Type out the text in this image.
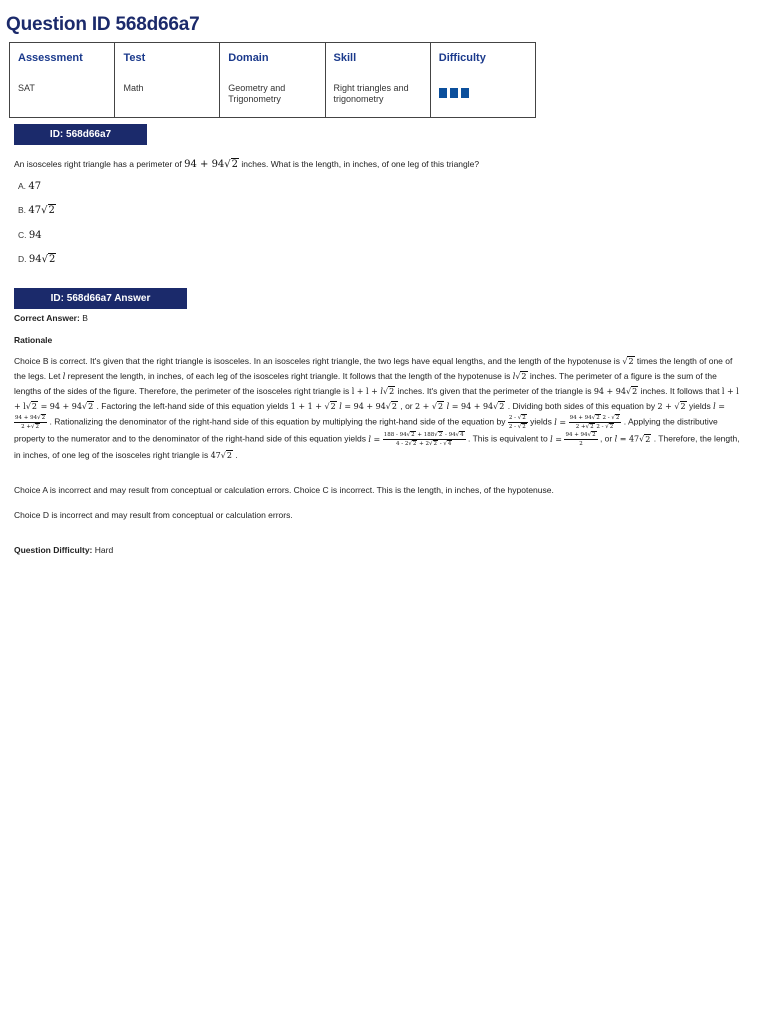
Question ID 568d66a7
Assessment	Test	Domain	Skill	Difficulty
SAT	Math	Geometry and Trigonometry	Right triangles and trigonometry	
ID: 568d66a7
An isosceles right triangle has a perimeter of 94 + 94√2 inches. What is the length, in inches, of one leg of this triangle?
A. 47
B. 47√2
C. 94
D. 94√2
ID: 568d66a7 Answer
Correct Answer: B
Rationale

Choice B is correct. It's given that the right triangle is isosceles. In an isosceles right triangle, the two legs have equal lengths, and the length of the hypotenuse is √2 times the length of one of the legs. Let l represent the length, in inches, of each leg of the isosceles right triangle. It follows that the length of the hypotenuse is l√2 inches. The perimeter of a figure is the sum of the lengths of the sides of the figure. Therefore, the perimeter of the isosceles right triangle is l + l + l√2 inches. It's given that the perimeter of the triangle is 94 + 94√2 inches. It follows that l + l + l√2 = 94 + 94√2 . Factoring the left-hand side of this equation yields 1 + 1 + √2 l = 94 + 94√2 , or 2 + √2 l = 94 + 94√2 . Dividing both sides of this equation by 2 + √2 yields l =
$\frac{94 + 94√2}{2 +√2}$ . Rationalizing the denominator of the right-hand side of this equation by multiplying the right-hand side of the equation by $\frac{2 - √2}{2 - √2}$ yields $l = \frac{94 + 94√2 2 - √2}{2 +√2 2 - √2}$ . Applying the distributive property to the numerator and to the denominator of the right-hand side of this equation yields $l = \frac{188 - 94√2 + 188√2 - 94√4}{4 - 2√2 + 2√2 - √4}$ . This is equivalent to $l = \frac{94 + 94√2}{2}$ , or l = 47√2 . Therefore, the length, in inches, of one leg of the isosceles right triangle is 47√2 .

Choice A is incorrect and may result from conceptual or calculation errors. Choice C is incorrect. This is the length, in inches, of the hypotenuse.
Choice D is incorrect and may result from conceptual or calculation errors.
Question Difficulty: Hard
